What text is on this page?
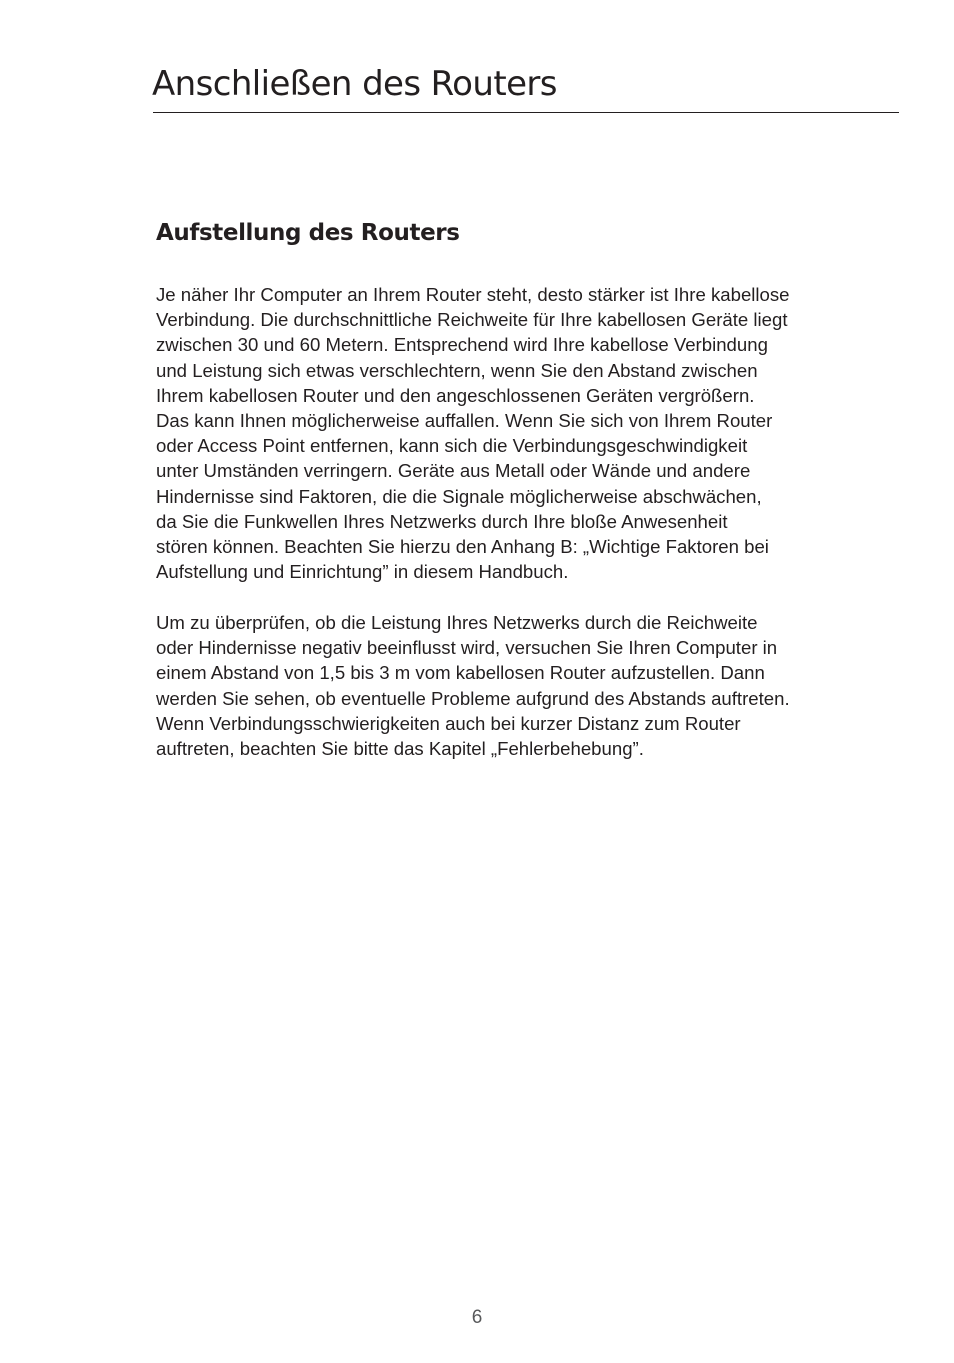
Anschließen des Routers
Aufstellung des Routers
Je näher Ihr Computer an Ihrem Router steht, desto stärker ist Ihre kabellose
Verbindung. Die durchschnittliche Reichweite für Ihre kabellosen Geräte liegt
zwischen 30 und 60 Metern. Entsprechend wird Ihre kabellose Verbindung
und Leistung sich etwas verschlechtern, wenn Sie den Abstand zwischen
Ihrem kabellosen Router und den angeschlossenen Geräten vergrößern.
Das kann Ihnen möglicherweise auffallen. Wenn Sie sich von Ihrem Router
oder Access Point entfernen, kann sich die Verbindungsgeschwindigkeit
unter Umständen verringern. Geräte aus Metall oder Wände und andere
Hindernisse sind Faktoren, die die Signale möglicherweise abschwächen,
da Sie die Funkwellen Ihres Netzwerks durch Ihre bloße Anwesenheit
stören können. Beachten Sie hierzu den Anhang B: „Wichtige Faktoren bei
Aufstellung und Einrichtung” in diesem Handbuch.
Um zu überprüfen, ob die Leistung Ihres Netzwerks durch die Reichweite
oder Hindernisse negativ beeinflusst wird, versuchen Sie Ihren Computer in
einem Abstand von 1,5 bis 3 m vom kabellosen Router aufzustellen. Dann
werden Sie sehen, ob eventuelle Probleme aufgrund des Abstands auftreten.
Wenn Verbindungsschwierigkeiten auch bei kurzer Distanz zum Router
auftreten, beachten Sie bitte das Kapitel „Fehlerbehebung”.
6
